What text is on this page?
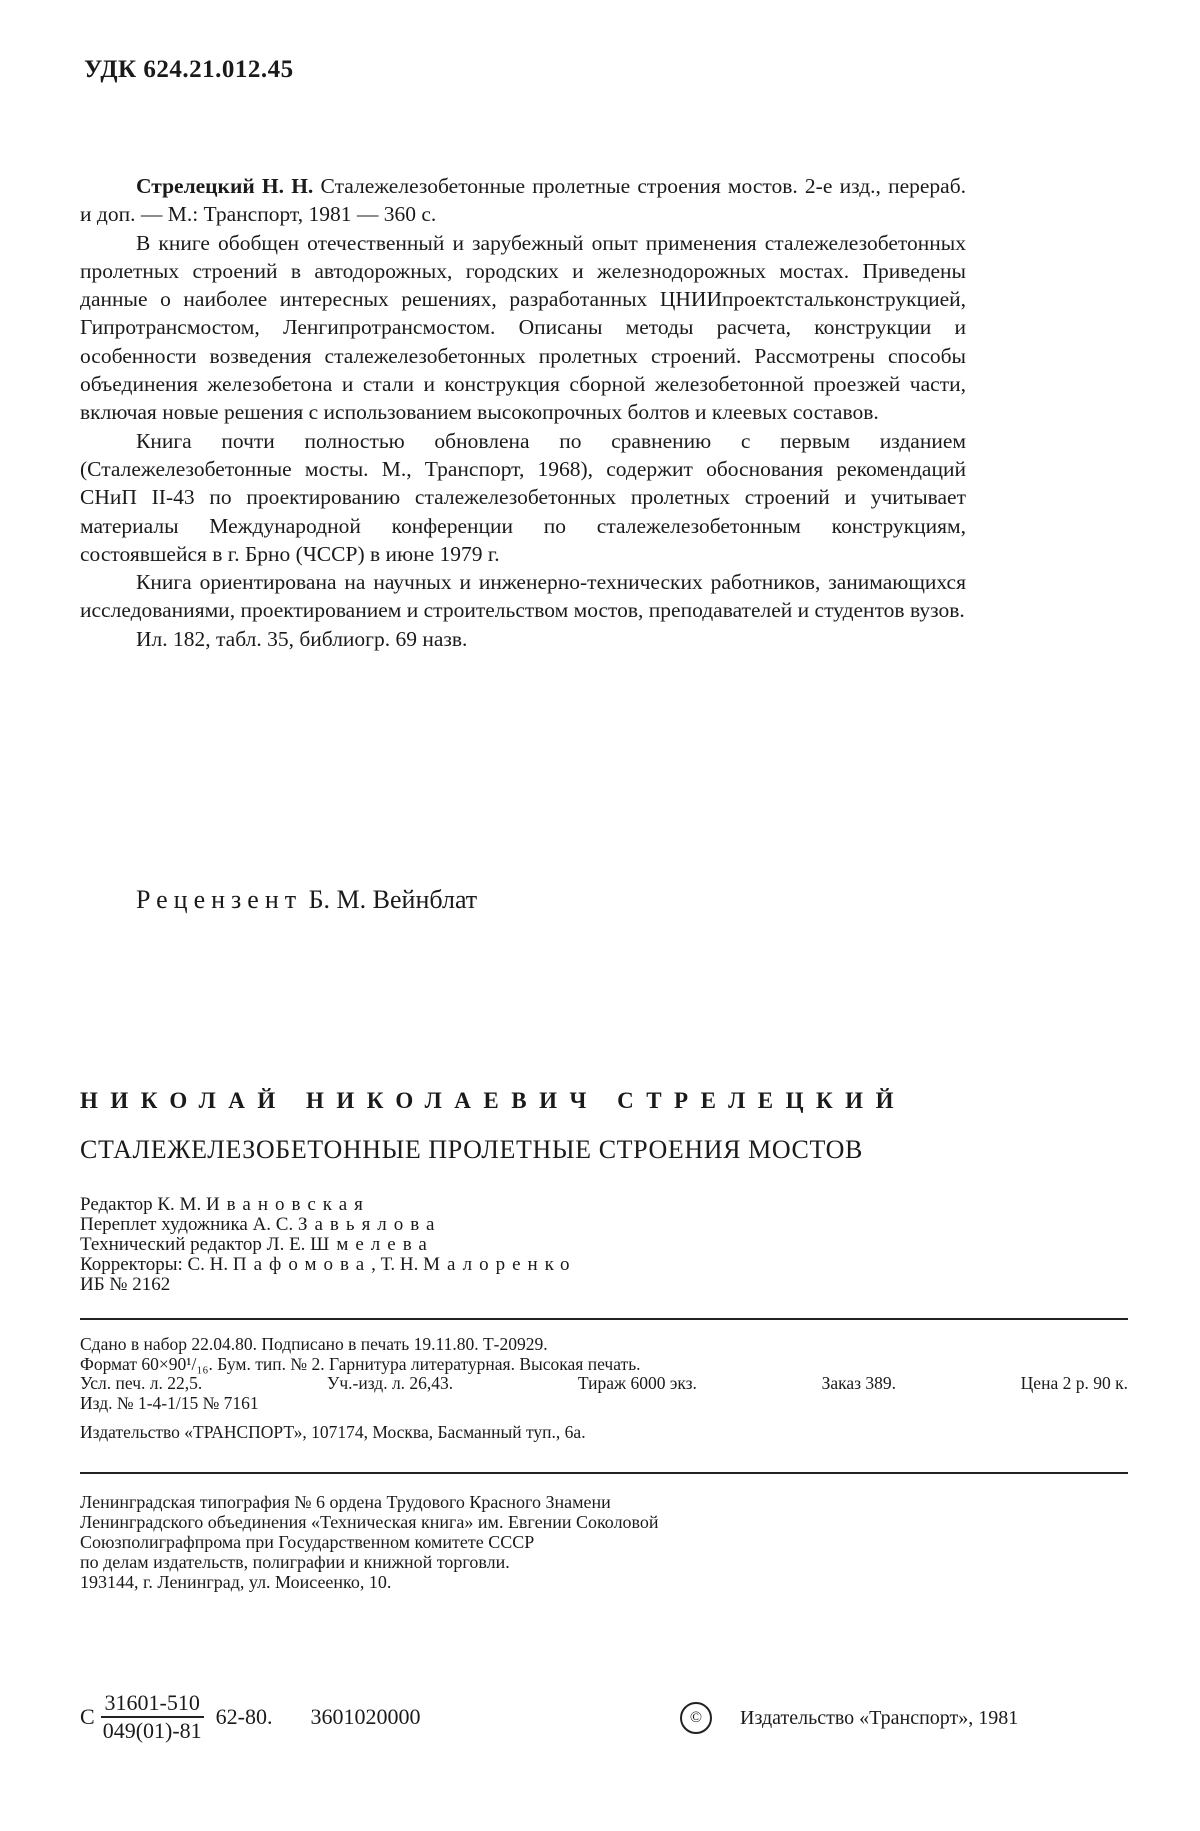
УДК 624.21.012.45

Стрелецкий Н. Н. Сталежелезобетонные пролетные строения мостов. 2-е изд., перераб. и доп. — М.: Транспорт, 1981 — 360 с.

В книге обобщен отечественный и зарубежный опыт применения сталежелезобетонных пролетных строений в автодорожных, городских и железнодорожных мостах. Приведены данные о наиболее интересных решениях, разработанных ЦНИИпроектстальконструкцией, Гипротрансмостом, Ленгипротрансмостом. Описаны методы расчета, конструкции и особенности возведения сталежелезобетонных пролетных строений. Рассмотрены способы объединения железобетона и стали и конструкция сборной железобетонной проезжей части, включая новые решения с использованием высокопрочных болтов и клеевых составов.

Книга почти полностью обновлена по сравнению с первым изданием (Сталежелезобетонные мосты. М., Транспорт, 1968), содержит обоснования рекомендаций СНиП II-43 по проектированию сталежелезобетонных пролетных строений и учитывает материалы Международной конференции по сталежелезобетонным конструкциям, состоявшейся в г. Брно (ЧССР) в июне 1979 г.

Книга ориентирована на научных и инженерно-технических работников, занимающихся исследованиями, проектированием и строительством мостов, преподавателей и студентов вузов.

Ил. 182, табл. 35, библиогр. 69 назв.

Рецензент Б. М. Вейнблат
НИКОЛАЙ НИКОЛАЕВИЧ СТРЕЛЕЦКИЙ
СТАЛЕЖЕЛЕЗОБЕТОННЫЕ ПРОЛЕТНЫЕ СТРОЕНИЯ МОСТОВ
Редактор К. М. Ивановская
Переплет художника А. С. Завьялова
Технический редактор Л. Е. Шмелева
Корректоры: С. Н. Пафомова, Т. Н. Малоренко
ИБ № 2162
Сдано в набор 22.04.80. Подписано в печать 19.11.80. Т-20929.
Формат 60×90¹/₁₆. Бум. тип. № 2. Гарнитура литературная. Высокая печать.
Усл. печ. л. 22,5.	Уч.-изд. л. 26,43.	Тираж 6000 экз.	Заказ 389.	Цена 2 р. 90 к.
Изд. № 1-4-1/15 № 7161
Издательство «ТРАНСПОРТ», 107174, Москва, Басманный туп., 6а.
Ленинградская типография № 6 ордена Трудового Красного Знамени
Ленинградского объединения «Техническая книга» им. Евгении Соколовой
Союзполиграфпрома при Государственном комитете СССР
по делам издательств, полиграфии и книжной торговли.
193144, г. Ленинград, ул. Моисеенко, 10.
С $\frac{31601-510}{049(01)-81} 62-80$. 3601020000	©	Издательство «Транспорт», 1981
